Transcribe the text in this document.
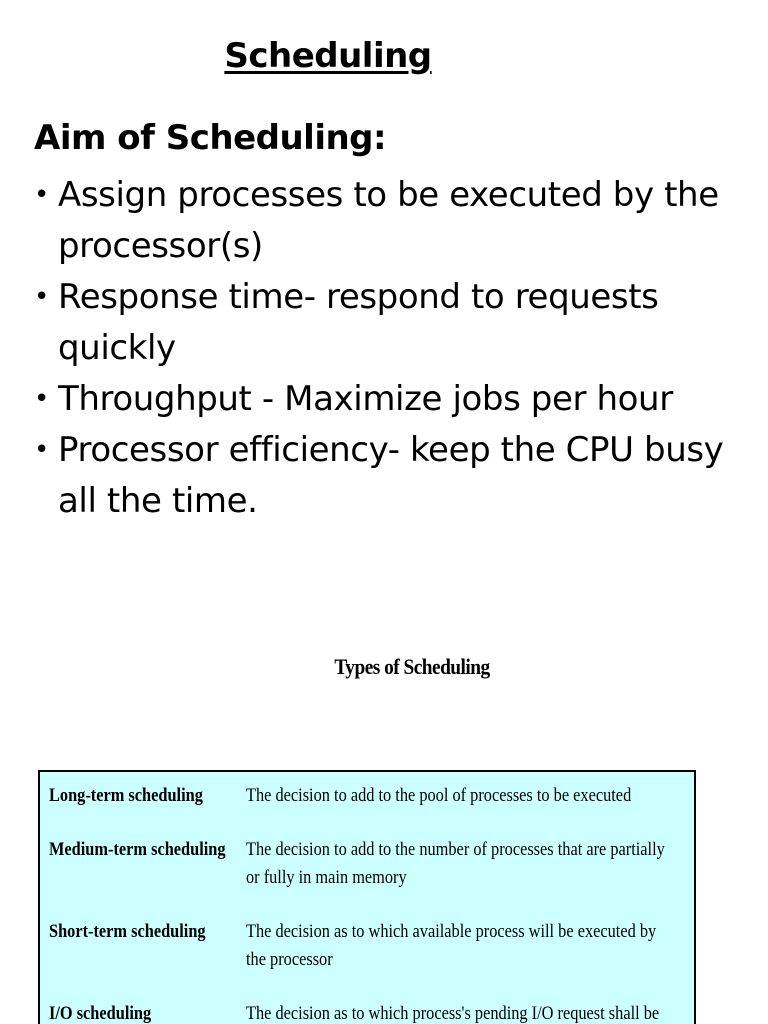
Scheduling
Aim of Scheduling:
• Assign processes to be executed by the processor(s)
• Response time- respond to requests quickly
• Throughput - Maximize jobs per hour
• Processor efficiency- keep the CPU busy all the time.
Types of Scheduling
Long-term scheduling The decision to add to the pool of processes to be executed
Medium-term scheduling The decision to add to the number of processes that are partially or fully in main memory
Short-term scheduling The decision as to which available process will be executed by the processor
I/O scheduling	The decision as to which process's pending I/O request shall be
